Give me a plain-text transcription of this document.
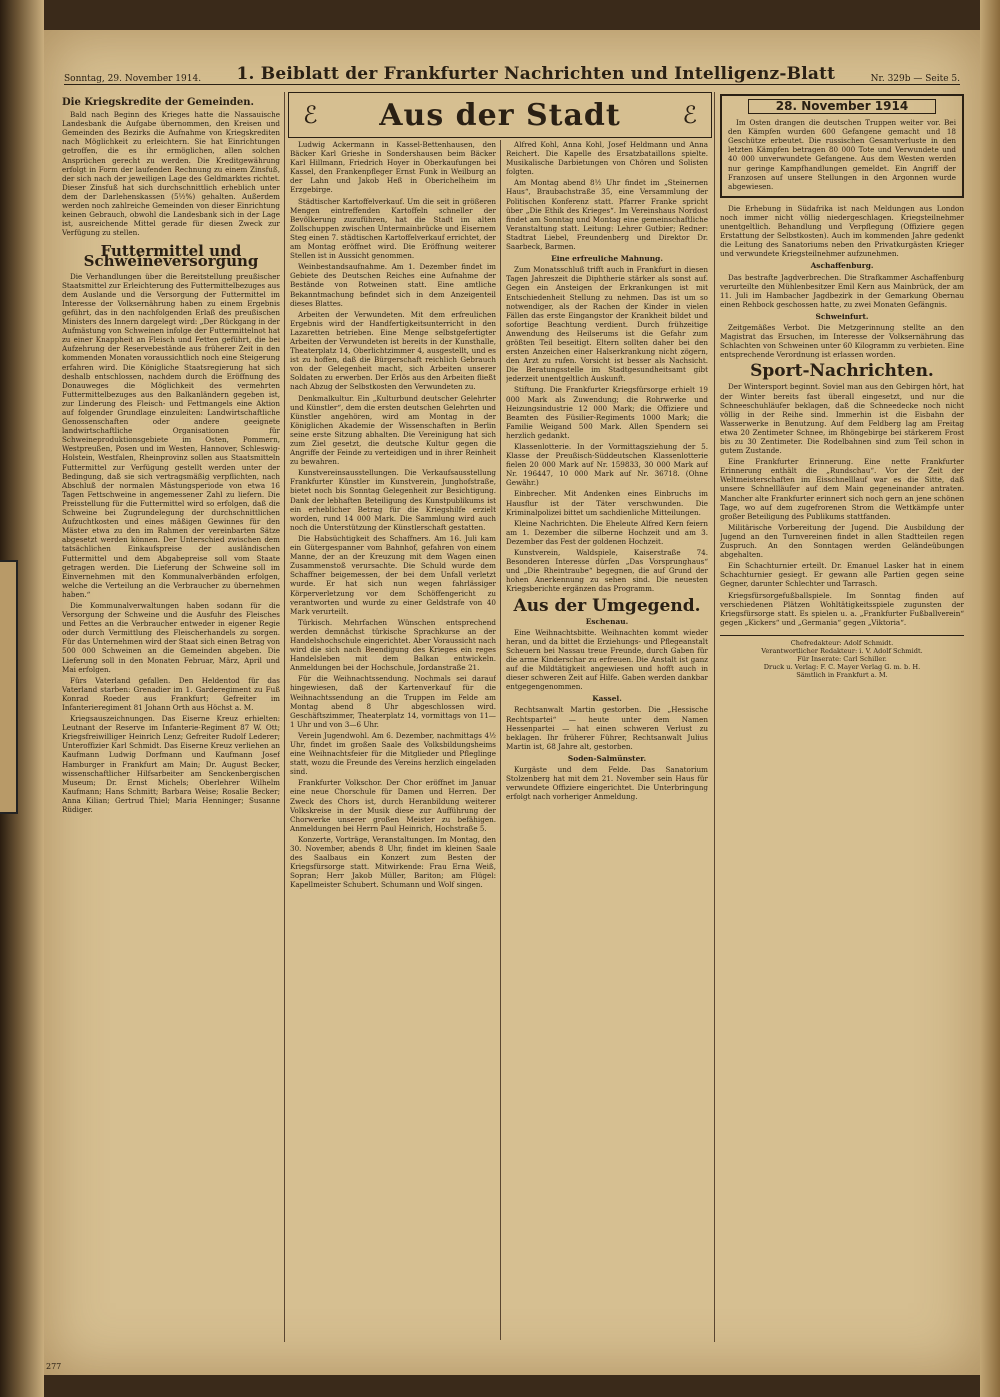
Sonntag, 29. November 1914. 1. Beiblatt der Frankfurter Nachrichten und Intelligenz-Blatt	Nr. 329b — Seite 5.
Die Kriegskredite der Gemeinden.

Bald nach Beginn des Krieges hatte die Nassauische Landesbank die Aufgabe übernommen, den Kreisen und Gemeinden des Bezirks die Aufnahme von Kriegskrediten nach Möglichkeit zu erleichtern. Sie hat Einrichtungen getroffen, die es ihr ermöglichen, allen solchen Ansprüchen gerecht zu werden. Die Kreditgewährung erfolgt in Form der laufenden Rechnung zu einem Zinsfuß, der sich nach der jeweiligen Lage des Geldmarktes richtet. Dieser Zinsfuß hat sich durchschnittlich erheblich unter dem der Darlehenskassen (5½%) gehalten. Außerdem werden noch zahlreiche Gemeinden von dieser Einrichtung keinen Gebrauch, obwohl die Landesbank sich in der Lage ist, ausreichende Mittel gerade für diesen Zweck zur Verfügung zu stellen.

Futtermittel und Schweineversorgung

Die Verhandlungen über die Bereitstellung preußischer Staatsmittel zur Erleichterung des Futtermittelbezuges aus dem Auslande und die Versorgung der Futtermittel im Interesse der Volksernährung haben zu einem Ergebnis geführt, das in den nachfolgenden Erlaß des preußischen Ministers des Innern dargelegt wird: „Der Rückgang in der Aufmästung von Schweinen infolge der Futtermittelnot hat zu einer Knappheit an Fleisch und Fetten geführt, die bei Aufzehrung der Reservebestände aus früherer Zeit in den kommenden Monaten voraussichtlich noch eine Steigerung erfahren wird. Die Königliche Staatsregierung hat sich deshalb entschlossen, nachdem durch die Eröffnung des Donauweges die Möglichkeit des vermehrten Futtermittelbezuges aus den Balkanländern gegeben ist, zur Linderung des Fleisch- und Fettmangels eine Aktion auf folgender Grundlage einzuleiten: Landwirtschaftliche Genossenschaften oder andere geeignete landwirtschaftliche Organisationen für Schweineproduktionsgebiete im Osten, Pommern, Westpreußen, Posen und im Westen, Hannover, Schleswig-Holstein, Westfalen, Rheinprovinz sollen aus Staatsmitteln Futtermittel zur Verfügung gestellt werden unter der Bedingung, daß sie sich vertragsmäßig verpflichten, nach Abschluß der normalen Mästungsperiode von etwa 16 Tagen Fettschweine in angemessener Zahl zu liefern. Die Preisstellung für die Futtermittel wird so erfolgen, daß die Schweine bei Zugrundelegung der durchschnittlichen Aufzuchtkosten und eines mäßigen Gewinnes für den Mäster etwa zu den im Rahmen der vereinbarten Sätze abgesetzt werden können. Der Unterschied zwischen dem tatsächlichen Einkaufspreise der ausländischen Futtermittel und dem Abgabepreise soll vom Staate getragen werden. Die Lieferung der Schweine soll im Einvernehmen mit den Kommunalverbänden erfolgen, welche die Verteilung an die Verbraucher zu übernehmen haben.“

Die Kommunalverwaltungen haben sodann für die Versorgung der Schweine und die Ausfuhr des Fleisches und Fettes an die Verbraucher entweder in eigener Regie oder durch Vermittlung des Fleischerhandels zu sorgen. Für das Unternehmen wird der Staat sich einen Betrag von 500 000 Schweinen an die Gemeinden abgeben. Die Lieferung soll in den Monaten Februar, März, April und Mai erfolgen.

Fürs Vaterland gefallen. Den Heldentod für das Vaterland starben: Grenadier im 1. Garderegiment zu Fuß Konrad Roeder aus Frankfurt; Gefreiter im Infanterieregiment 81 Johann Orth aus Höchst a. M.

Kriegsauszeichnungen. Das Eiserne Kreuz erhielten: Leutnant der Reserve im Infanterie-Regiment 87 W. Ott; Kriegsfreiwilliger Heinrich Lenz; Gefreiter Rudolf Lederer; Unteroffizier Karl Schmidt. Das Eiserne Kreuz verliehen an Kaufmann Ludwig Dorfmann und Kaufmann Josef Hamburger in Frankfurt am Main; Dr. August Becker, wissenschaftlicher Hilfsarbeiter am Senckenbergischen Museum; Dr. Ernst Michels; Oberlehrer Wilhelm Kaufmann; Hans Schmitt; Barbara Weise; Rosalie Becker; Anna Kilian; Gertrud Thiel; Maria Henninger; Susanne Rüdiger.

ℰ Aus der Stadt	ℰ

Ludwig Ackermann in Kassel-Bettenhausen, den Bäcker Karl Grieshe in Sondershausen beim Bäcker Karl Hillmann, Friedrich Hoyer in Oberkaufungen bei Kassel, den Frankenpfleger Ernst Funk in Weilburg an der Lahn und Jakob Heß in Oberichelheim im Erzgebirge.

Städtischer Kartoffelverkauf. Um die seit in größeren Mengen eintreffenden Kartoffeln schneller der Bevölkerung zuzuführen, hat die Stadt im alten Zollschuppen zwischen Untermainbrücke und Eisernem Steg einen 7. städtischen Kartoffelverkauf errichtet, der am Montag eröffnet wird. Die Eröffnung weiterer Stellen ist in Aussicht genommen.

Weinbestandsaufnahme. Am 1. Dezember findet im Gebiete des Deutschen Reiches eine Aufnahme der Bestände von Rotweinen statt. Eine amtliche Bekanntmachung befindet sich in dem Anzeigenteil dieses Blattes.

Arbeiten der Verwundeten. Mit dem erfreulichen Ergebnis wird der Handfertigkeitsunterricht in den Lazaretten betrieben. Eine Menge selbstgefertigter Arbeiten der Verwundeten ist bereits in der Kunsthalle, Theaterplatz 14, Oberlichtzimmer 4, ausgestellt, und es ist zu hoffen, daß die Bürgerschaft reichlich Gebrauch von der Gelegenheit macht, sich Arbeiten unserer Soldaten zu erwerben. Der Erlös aus den Arbeiten fließt nach Abzug der Selbstkosten den Verwundeten zu.

Denkmalkultur. Ein „Kulturbund deutscher Gelehrter und Künstler“, dem die ersten deutschen Gelehrten und Künstler angehören, wird am Montag in der Königlichen Akademie der Wissenschaften in Berlin seine erste Sitzung abhalten. Die Vereinigung hat sich zum Ziel gesetzt, die deutsche Kultur gegen die Angriffe der Feinde zu verteidigen und in ihrer Reinheit zu bewahren.

Kunstvereinsausstellungen. Die Verkaufsausstellung Frankfurter Künstler im Kunstverein, Junghofstraße, bietet noch bis Sonntag Gelegenheit zur Besichtigung. Dank der lebhaften Beteiligung des Kunstpublikums ist ein erheblicher Betrag für die Kriegshilfe erzielt worden, rund 14 000 Mark. Die Sammlung wird auch noch die Unterstützung der Künstlerschaft gestatten.

Die Habsüchtigkeit des Schaffners. Am 16. Juli kam ein Gütergespanner vom Bahnhof, gefahren von einem Manne, der an der Kreuzung mit dem Wagen einen Zusammenstoß verursachte. Die Schuld wurde dem Schaffner beigemessen, der bei dem Unfall verletzt wurde. Er hat sich nun wegen fahrlässiger Körperverletzung vor dem Schöffengericht zu verantworten und wurde zu einer Geldstrafe von 40 Mark verurteilt.

Türkisch. Mehrfachen Wünschen entsprechend werden demnächst türkische Sprachkurse an der Handelshochschule eingerichtet. Aber Voraussicht nach wird die sich nach Beendigung des Krieges ein reges Handelsleben mit dem Balkan entwickeln. Anmeldungen bei der Hochschule, Jordanstraße 21.

Für die Weihnachtssendung. Nochmals sei darauf hingewiesen, daß der Kartenverkauf für die Weihnachtssendung an die Truppen im Felde am Montag abend 8 Uhr abgeschlossen wird. Geschäftszimmer, Theaterplatz 14, vormittags von 11—1 Uhr und von 3—6 Uhr.

Verein Jugendwohl. Am 6. Dezember, nachmittags 4½ Uhr, findet im großen Saale des Volksbildungsheims eine Weihnachtsfeier für die Mitglieder und Pfleglinge statt, wozu die Freunde des Vereins herzlich eingeladen sind.

Frankfurter Volkschor. Der Chor eröffnet im Januar eine neue Chorschule für Damen und Herren. Der Zweck des Chors ist, durch Heranbildung weiterer Volkskreise in der Musik diese zur Aufführung der Chorwerke unserer großen Meister zu befähigen. Anmeldungen bei Herrn Paul Heinrich, Hochstraße 5.

Konzerte, Vorträge, Veranstaltungen. Im Montag, den 30. November, abends 8 Uhr, findet im kleinen Saale des Saalbaus ein Konzert zum Besten der Kriegsfürsorge statt. Mitwirkende: Frau Erna Weiß, Sopran; Herr Jakob Müller, Bariton; am Flügel: Kapellmeister Schubert. Schumann und Wolf singen.

Alfred Kohl, Anna Kohl, Josef Heldmann und Anna Reichert. Die Kapelle des Ersatzbataillons spielte. Musikalische Darbietungen von Chören und Solisten folgten.

Am Montag abend 8½ Uhr findet im „Steinernen Haus“, Braubachstraße 35, eine Versammlung der Politischen Konferenz statt. Pfarrer Franke spricht über „Die Ethik des Krieges“. Im Vereinshaus Nordost findet am Sonntag und Montag eine gemeinschaftliche Veranstaltung statt. Leitung: Lehrer Gutbier; Redner: Stadtrat Liebel, Freundenberg und Direktor Dr. Saarbeck, Barmen.

Eine erfreuliche Mahnung.

Zum Monatsschluß trifft auch in Frankfurt in diesen Tagen Jahreszeit die Diphtherie stärker als sonst auf. Gegen ein Ansteigen der Erkrankungen ist mit Entschiedenheit Stellung zu nehmen. Das ist um so notwendiger, als der Rachen der Kinder in vielen Fällen das erste Eingangstor der Krankheit bildet und sofortige Beachtung verdient. Durch frühzeitige Anwendung des Heilserums ist die Gefahr zum größten Teil beseitigt. Eltern sollten daher bei den ersten Anzeichen einer Halserkrankung nicht zögern, den Arzt zu rufen. Vorsicht ist besser als Nachsicht. Die Beratungsstelle im Stadtgesundheitsamt gibt jederzeit unentgeltlich Auskunft.

Stiftung. Die Frankfurter Kriegsfürsorge erhielt 19 000 Mark als Zuwendung; die Rohrwerke und Heizungsindustrie 12 000 Mark; die Offiziere und Beamten des Füsilier-Regiments 1000 Mark; die Familie Weigand 500 Mark. Allen Spendern sei herzlich gedankt.

Klassenlotterie. In der Vormittagsziehung der 5. Klasse der Preußisch-Süddeutschen Klassenlotterie fielen 20 000 Mark auf Nr. 159833, 30 000 Mark auf Nr. 196447, 10 000 Mark auf Nr. 36718. (Ohne Gewähr.)

Einbrecher. Mit Andenken eines Einbruchs im Hausflur ist der Täter verschwunden. Die Kriminalpolizei bittet um sachdienliche Mitteilungen.

Kleine Nachrichten. Die Eheleute Alfred Kern feiern am 1. Dezember die silberne Hochzeit und am 3. Dezember das Fest der goldenen Hochzeit.

Kunstverein, Waldspiele, Kaiserstraße 74. Besonderen Interesse dürfen „Das Vorsprunghaus“ und „Die Rheintraube“ begegnen, die auf Grund der hohen Anerkennung zu sehen sind. Die neuesten Kriegsberichte ergänzen das Programm.

Aus der Umgegend.
Eschenau.

Eine Weihnachtsbitte. Weihnachten kommt wieder heran, und da bittet die Erziehungs- und Pflegeanstalt Scheuern bei Nassau treue Freunde, durch Gaben für die arme Kinderschar zu erfreuen. Die Anstalt ist ganz auf die Mildtätigkeit angewiesen und hofft auch in dieser schweren Zeit auf Hilfe. Gaben werden dankbar entgegengenommen.

Kassel.

Rechtsanwalt Martin gestorben. Die „Hessische Rechtspartei“ — heute unter dem Namen Hessenpartei — hat einen schweren Verlust zu beklagen. Ihr früherer Führer, Rechtsanwalt Julius Martin ist, 68 Jahre alt, gestorben.

Soden-Salmünster.

Kurgäste und dem Felde. Das Sanatorium Stolzenberg hat mit dem 21. November sein Haus für verwundete Offiziere eingerichtet. Die Unterbringung erfolgt nach vorheriger Anmeldung.

28. November 1914

Im Osten drangen die deutschen Truppen weiter vor. Bei den Kämpfen wurden 600 Gefangene gemacht und 18 Geschütze erbeutet. Die russischen Gesamtverluste in den letzten Kämpfen betragen 80 000 Tote und Verwundete und 40 000 unverwundete Gefangene. Aus dem Westen werden nur geringe Kampfhandlungen gemeldet. Ein Angriff der Franzosen auf unsere Stellungen in den Argonnen wurde abgewiesen.

Die Erhebung in Südafrika ist nach Meldungen aus London noch immer nicht völlig niedergeschlagen. Kriegsteilnehmer unentgeltlich. Behandlung und Verpflegung (Offiziere gegen Erstattung der Selbstkosten). Auch im kommenden Jahre gedenkt die Leitung des Sanatoriums neben den Privatkurgästen Krieger und verwundete Kriegsteilnehmer aufzunehmen.

Aschaffenburg.

Das bestrafte Jagdverbrechen. Die Strafkammer Aschaffenburg verurteilte den Mühlenbesitzer Emil Kern aus Mainbrück, der am 11. Juli im Hambacher Jagdbezirk in der Gemarkung Obernau einen Rehbock geschossen hatte, zu zwei Monaten Gefängnis.

Schweinfurt.

Zeitgemäßes Verbot. Die Metzgerinnung stellte an den Magistrat das Ersuchen, im Interesse der Volksernährung das Schlachten von Schweinen unter 60 Kilogramm zu verbieten. Eine entsprechende Verordnung ist erlassen worden.

Sport-Nachrichten.

Der Wintersport beginnt. Soviel man aus den Gebirgen hört, hat der Winter bereits fast überall eingesetzt, und nur die Schneeschuhläufer beklagen, daß die Schneedecke noch nicht völlig in der Reihe sind. Immerhin ist die Eisbahn der Wasserwerke in Benutzung. Auf dem Feldberg lag am Freitag etwa 20 Zentimeter Schnee, im Rhöngebirge bei stärkerem Frost bis zu 30 Zentimeter. Die Rodelbahnen sind zum Teil schon in gutem Zustande.

Eine Frankfurter Erinnerung. Eine nette Frankfurter Erinnerung enthält die „Rundschau“. Vor der Zeit der Weltmeisterschaften im Eisschnelllauf war es die Sitte, daß unsere Schnellläufer auf dem Main gegeneinander antraten. Mancher alte Frankfurter erinnert sich noch gern an jene schönen Tage, wo auf dem zugefrorenen Strom die Wettkämpfe unter großer Beteiligung des Publikums stattfanden.

Militärische Vorbereitung der Jugend. Die Ausbildung der Jugend an den Turnvereinen findet in allen Stadtteilen regen Zuspruch. An den Sonntagen werden Geländeübungen abgehalten.

Ein Schachturnier erteilt. Dr. Emanuel Lasker hat in einem Schachturnier gesiegt. Er gewann alle Partien gegen seine Gegner, darunter Schlechter und Tarrasch.

Kriegsfürsorgefußballspiele. Im Sonntag finden auf verschiedenen Plätzen Wohltätigkeitsspiele zugunsten der Kriegsfürsorge statt. Es spielen u. a. „Frankfurter Fußballverein“ gegen „Kickers“ und „Germania“ gegen „Viktoria“.

Chefredakteur: Adolf Schmidt.
Verantwortlicher Redakteur: i. V. Adolf Schmidt.
Für Inserate: Carl Schiller.
Druck u. Verlag: F. C. Mayer Verlag G. m. b. H.
Sämtlich in Frankfurt a. M.
277
